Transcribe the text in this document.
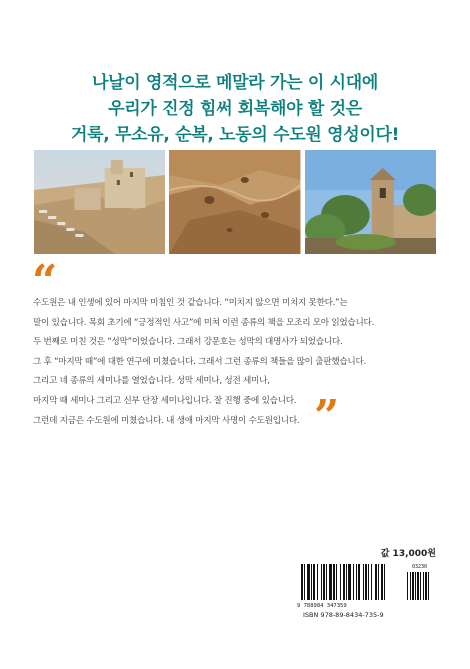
나날이 영적으로 메말라 가는 이 시대에
우리가 진정 힘써 회복해야 할 것은
거룩, 무소유, 순복, 노동의 수도원 영성이다!
“
수도원은 내 인생에 있어 마지막 미침인 것 같습니다. “미치지 않으면 미치지 못한다.”는
말이 있습니다. 목회 초기에 “긍정적인 사고”에 미쳐 이런 종류의 책을 모조리 모아 읽었습니다.
두 번째로 미친 것은 “성막”이었습니다. 그래서 강문호는 성막의 대명사가 되었습니다.
그 후 “마지막 때”에 대한 연구에 미쳤습니다. 그래서 그런 종류의 책들을 많이 출판했습니다.
그리고 네 종류의 세미나를 열었습니다. 성막 세미나, 성전 세미나,
마지막 때 세미나 그리고 신부 단장 세미나입니다. 잘 진행 중에 있습니다.
그런데 지금은 수도원에 미쳤습니다. 내 생애 마지막 사명이 수도원입니다. ”
값 13,000원
03230
9 788984 347359
ISBN 978-89-8434-735-9
